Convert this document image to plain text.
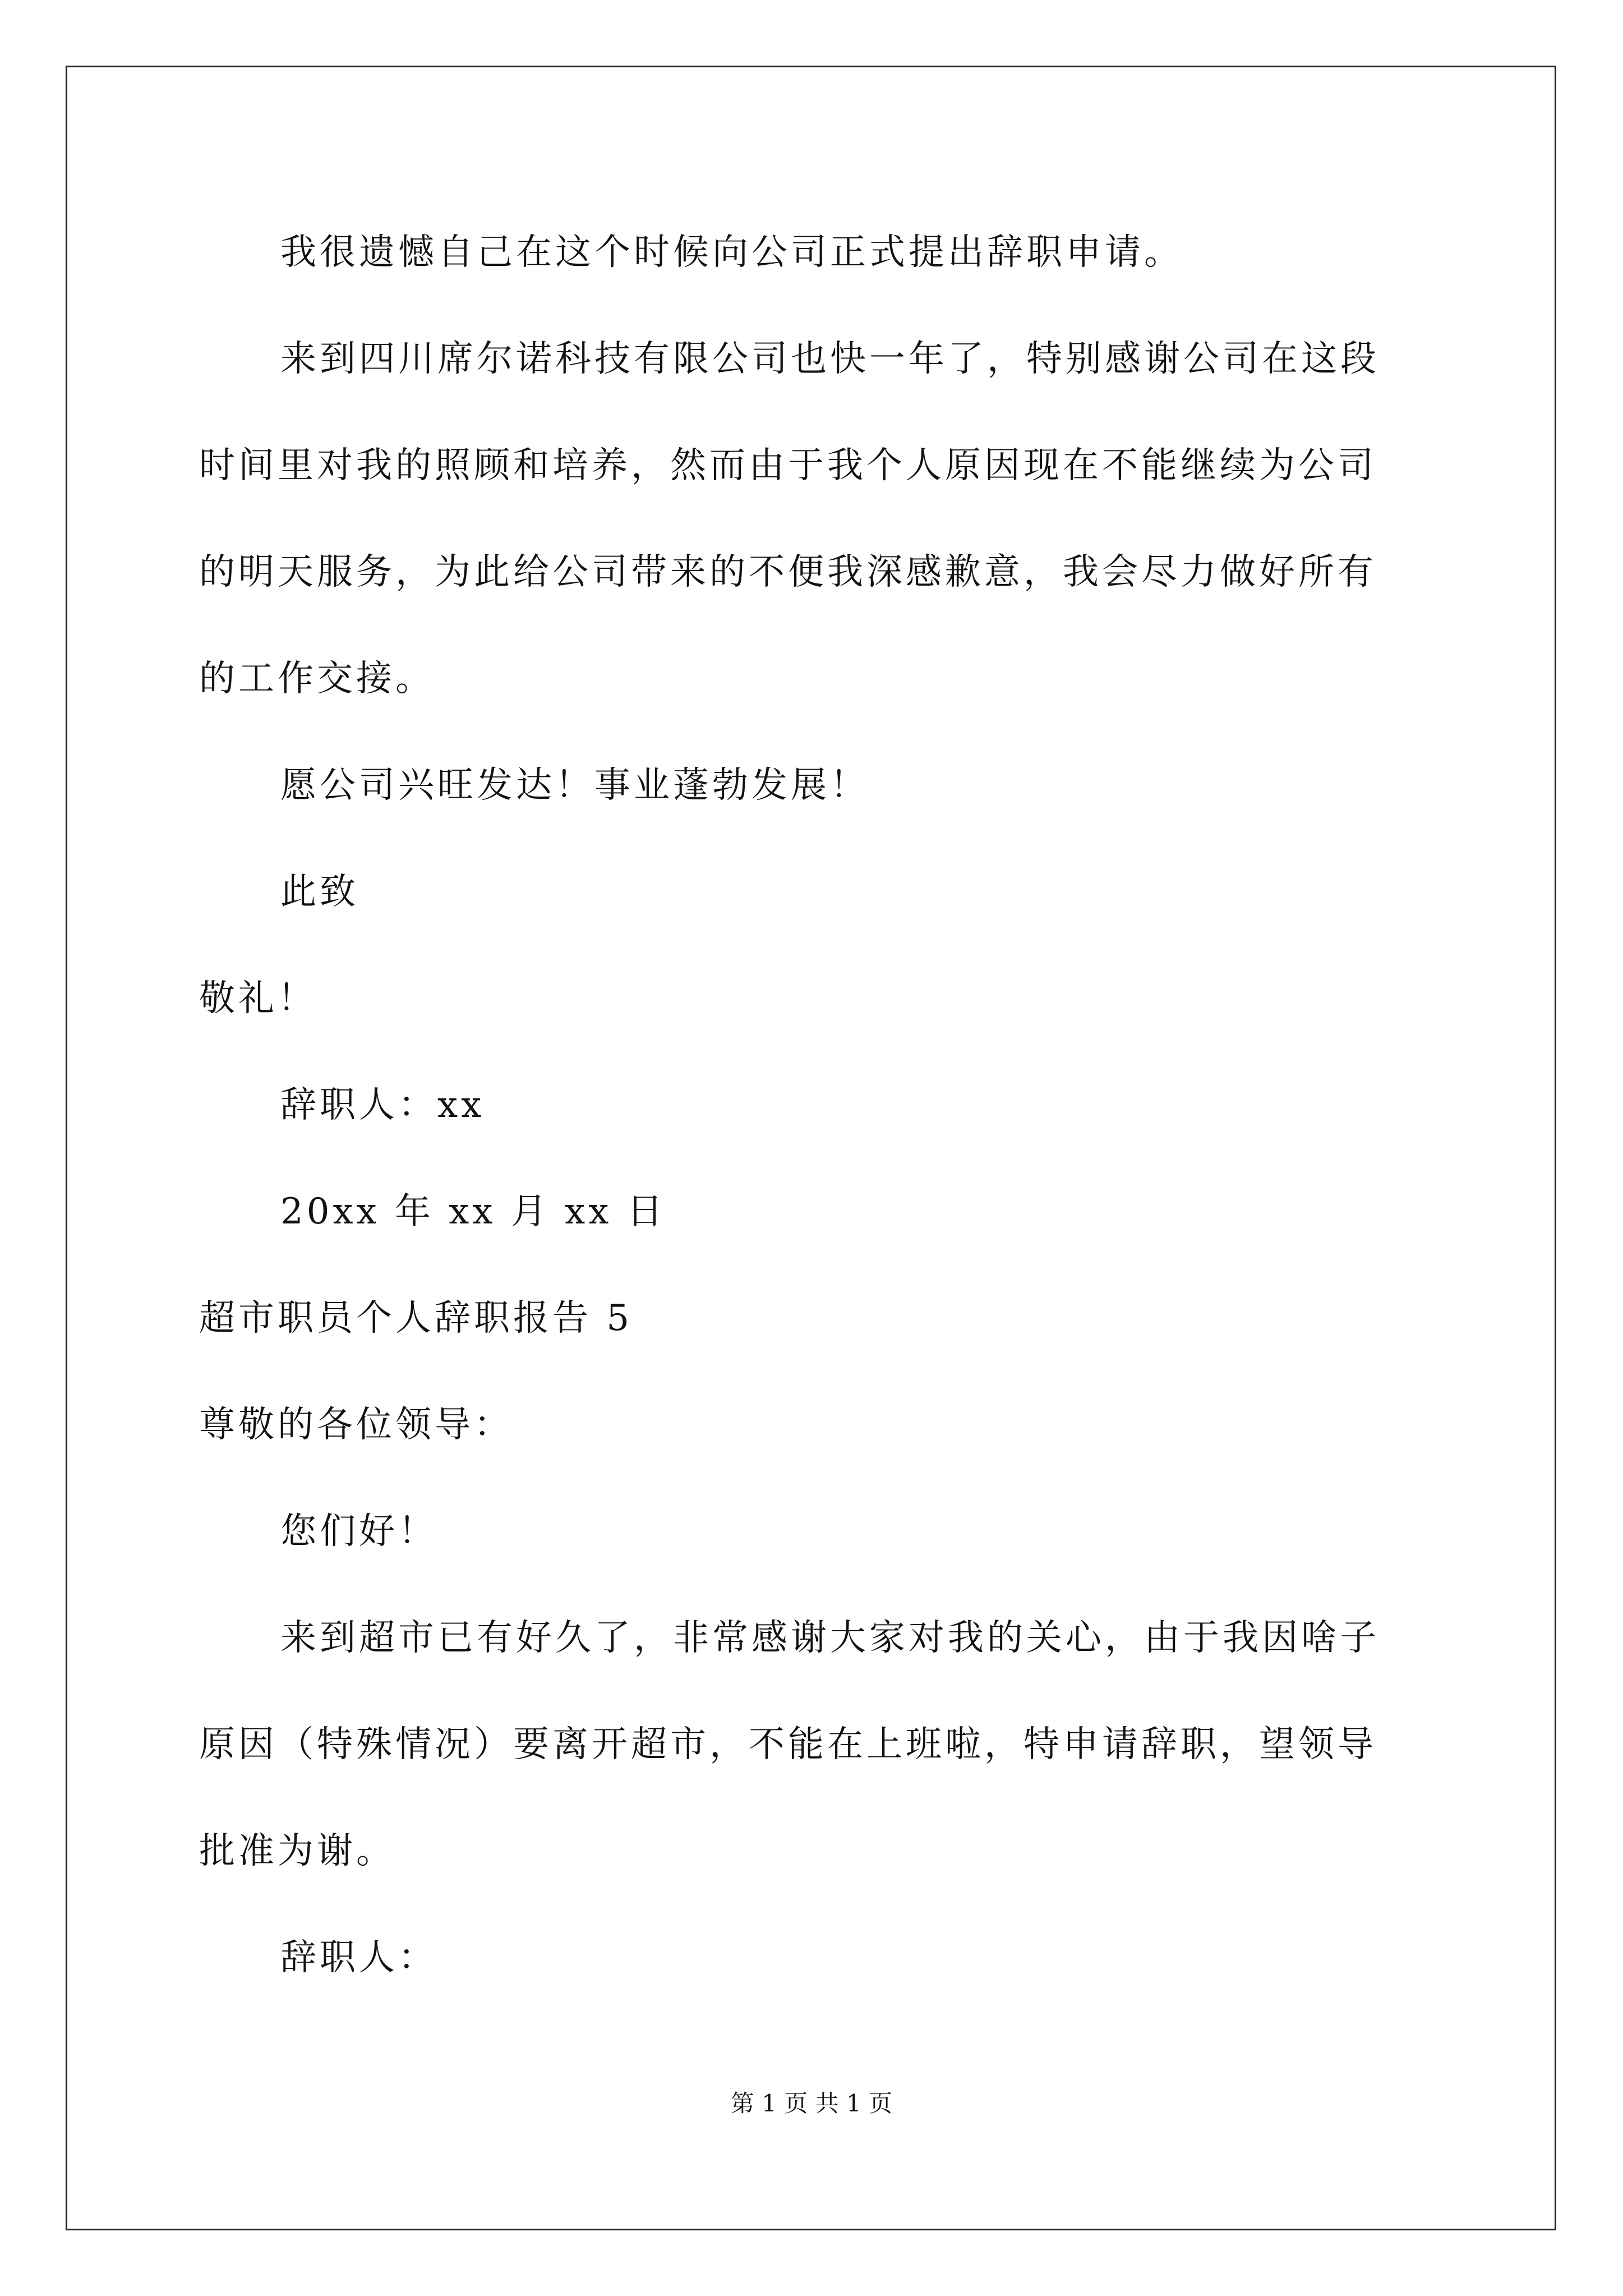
我很遗憾自己在这个时候向公司正式提出辞职申请。
来到四川席尔诺科技有限公司也快一年了，特别感谢公司在这段
时间里对我的照顾和培养，然而由于我个人原因现在不能继续为公司
的明天服务，为此给公司带来的不便我深感歉意，我会尽力做好所有
的工作交接。
愿公司兴旺发达！事业蓬勃发展！
此致
敬礼！
辞职人：xx
20xx 年 xx 月 xx 日
超市职员个人辞职报告 5
尊敬的各位领导：
您们好！
来到超市已有好久了，非常感谢大家对我的关心，由于我因啥子
原因（特殊情况）要离开超市，不能在上班啦，特申请辞职，望领导
批准为谢。
辞职人：
第 1 页 共 1 页
